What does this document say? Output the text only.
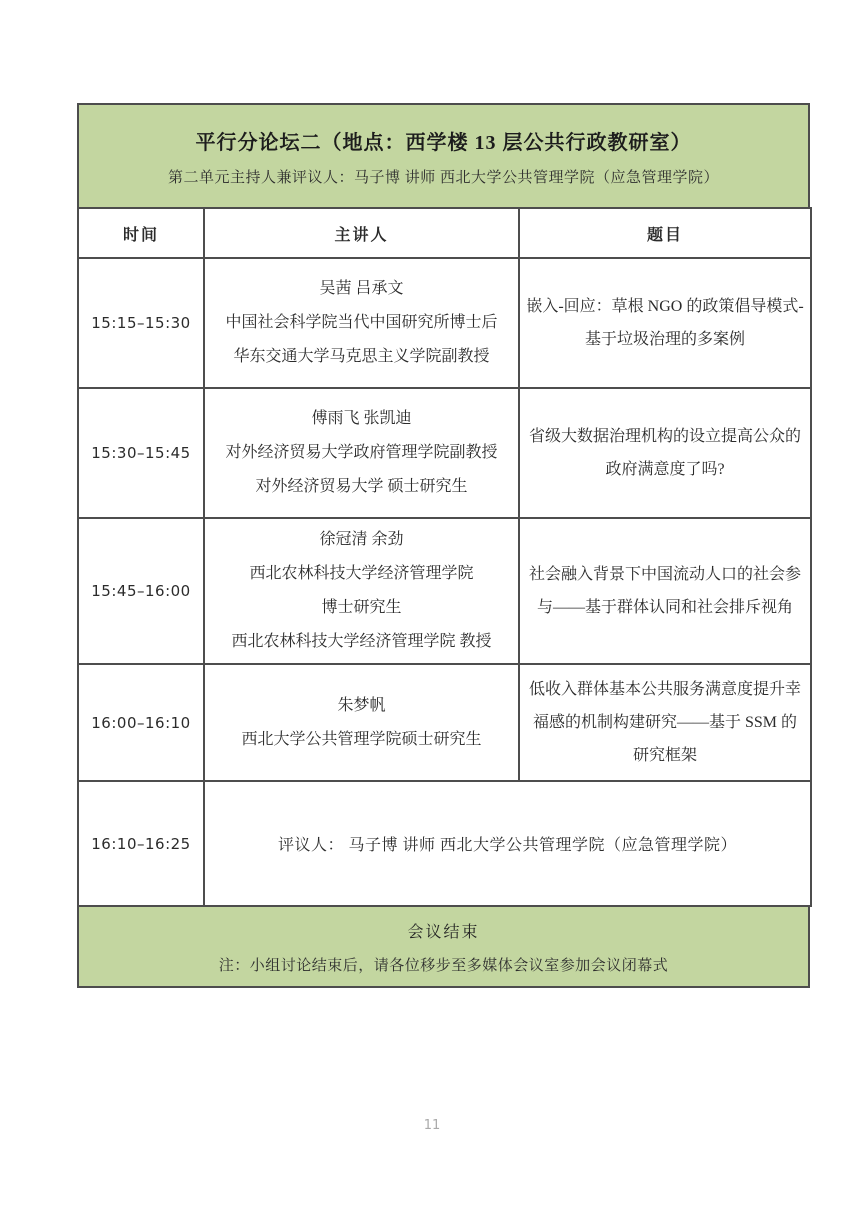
平行分论坛二（地点：西学楼 13 层公共行政教研室）
第二单元主持人兼评议人：马子博 讲师 西北大学公共管理学院（应急管理学院）
时间	主讲人	题目
15:15–15:30	吴茜 吕承文
中国社会科学院当代中国研究所博士后
华东交通大学马克思主义学院副教授	嵌入-回应：草根 NGO 的政策倡导模式-基于垃圾治理的多案例
15:30–15:45	傅雨飞 张凯迪
对外经济贸易大学政府管理学院副教授
对外经济贸易大学 硕士研究生	省级大数据治理机构的设立提高公众的政府满意度了吗?
15:45–16:00	徐冠清 余劲
西北农林科技大学经济管理学院
博士研究生
西北农林科技大学经济管理学院 教授	社会融入背景下中国流动人口的社会参与——基于群体认同和社会排斥视角
16:00–16:10	朱梦帆
西北大学公共管理学院硕士研究生	低收入群体基本公共服务满意度提升幸福感的机制构建研究——基于 SSM 的研究框架
16:10–16:25	评议人： 马子博 讲师 西北大学公共管理学院（应急管理学院）	
会议结束
注：小组讨论结束后，请各位移步至多媒体会议室参加会议闭幕式
11
